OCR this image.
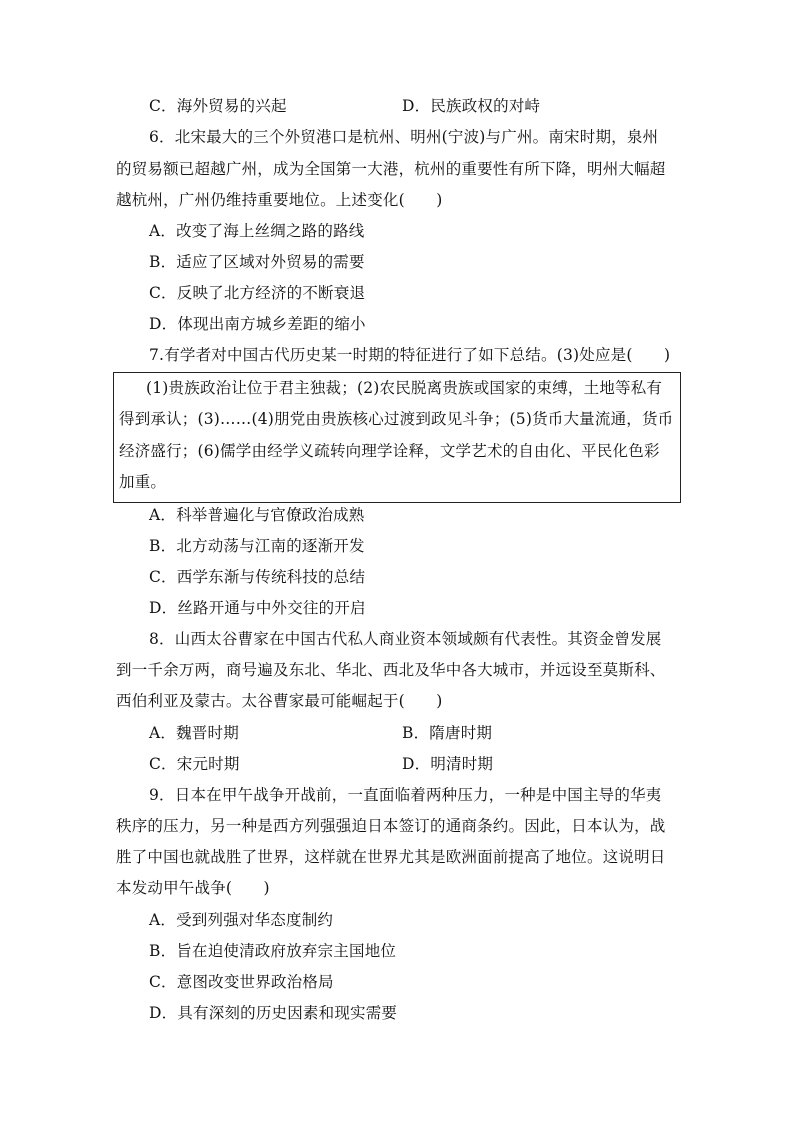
C．海外贸易的兴起	D．民族政权的对峙
6．北宋最大的三个外贸港口是杭州、明州(宁波)与广州。南宋时期，泉州
的贸易额已超越广州，成为全国第一大港，杭州的重要性有所下降，明州大幅超
越杭州，广州仍维持重要地位。上述变化(　　)
A．改变了海上丝绸之路的路线
B．适应了区域对外贸易的需要
C．反映了北方经济的不断衰退
D．体现出南方城乡差距的缩小
7.有学者对中国古代历史某一时期的特征进行了如下总结。(3)处应是(　　)
(1)贵族政治让位于君主独裁；(2)农民脱离贵族或国家的束缚，土地等私有
得到承认；(3)……(4)朋党由贵族核心过渡到政见斗争；(5)货币大量流通，货币
经济盛行；(6)儒学由经学义疏转向理学诠释，文学艺术的自由化、平民化色彩
加重。
A．科举普遍化与官僚政治成熟
B．北方动荡与江南的逐渐开发
C．西学东渐与传统科技的总结
D．丝路开通与中外交往的开启
8．山西太谷曹家在中国古代私人商业资本领域颇有代表性。其资金曾发展
到一千余万两，商号遍及东北、华北、西北及华中各大城市，并远设至莫斯科、
西伯利亚及蒙古。太谷曹家最可能崛起于(　　)
A．魏晋时期	B．隋唐时期
C．宋元时期	D．明清时期
9．日本在甲午战争开战前，一直面临着两种压力，一种是中国主导的华夷
秩序的压力，另一种是西方列强强迫日本签订的通商条约。因此，日本认为，战
胜了中国也就战胜了世界，这样就在世界尤其是欧洲面前提高了地位。这说明日
本发动甲午战争(　　)
A．受到列强对华态度制约
B．旨在迫使清政府放弃宗主国地位
C．意图改变世界政治格局
D．具有深刻的历史因素和现实需要
